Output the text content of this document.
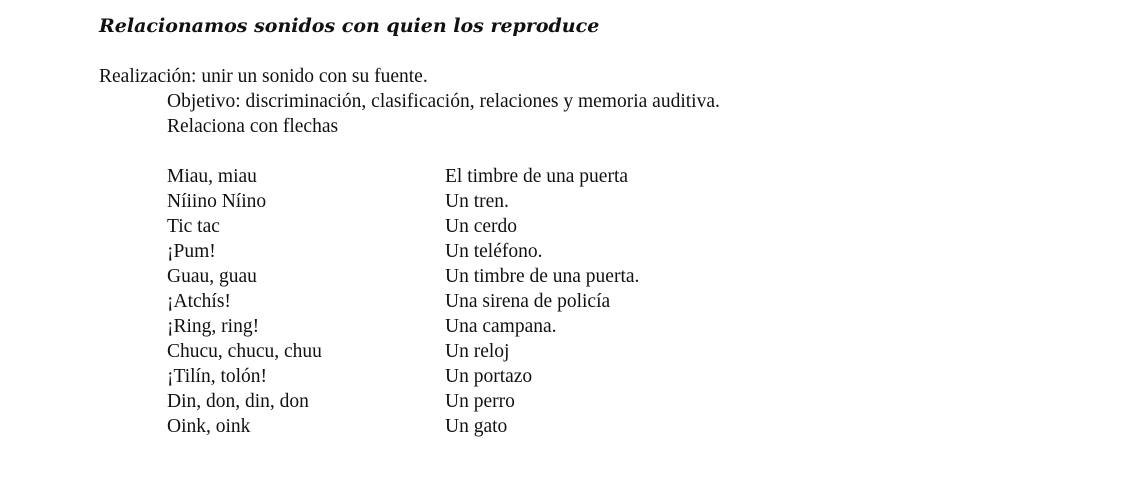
Relacionamos sonidos con quien los reproduce
Realización: unir un sonido con su fuente.
Objetivo: discriminación, clasificación, relaciones y memoria auditiva.
Relaciona con flechas
Miau, miau
Níiino Níino
Tic tac
¡Pum!
Guau, guau
¡Atchís!
¡Ring, ring!
Chucu, chucu, chuu
¡Tilín, tolón!
Din, don, din, don
Oink, oink
El timbre de una puerta
Un tren.
Un cerdo
Un teléfono.
Un timbre de una puerta.
Una sirena de policía
Una campana.
Un reloj
Un portazo
Un perro
Un gato
